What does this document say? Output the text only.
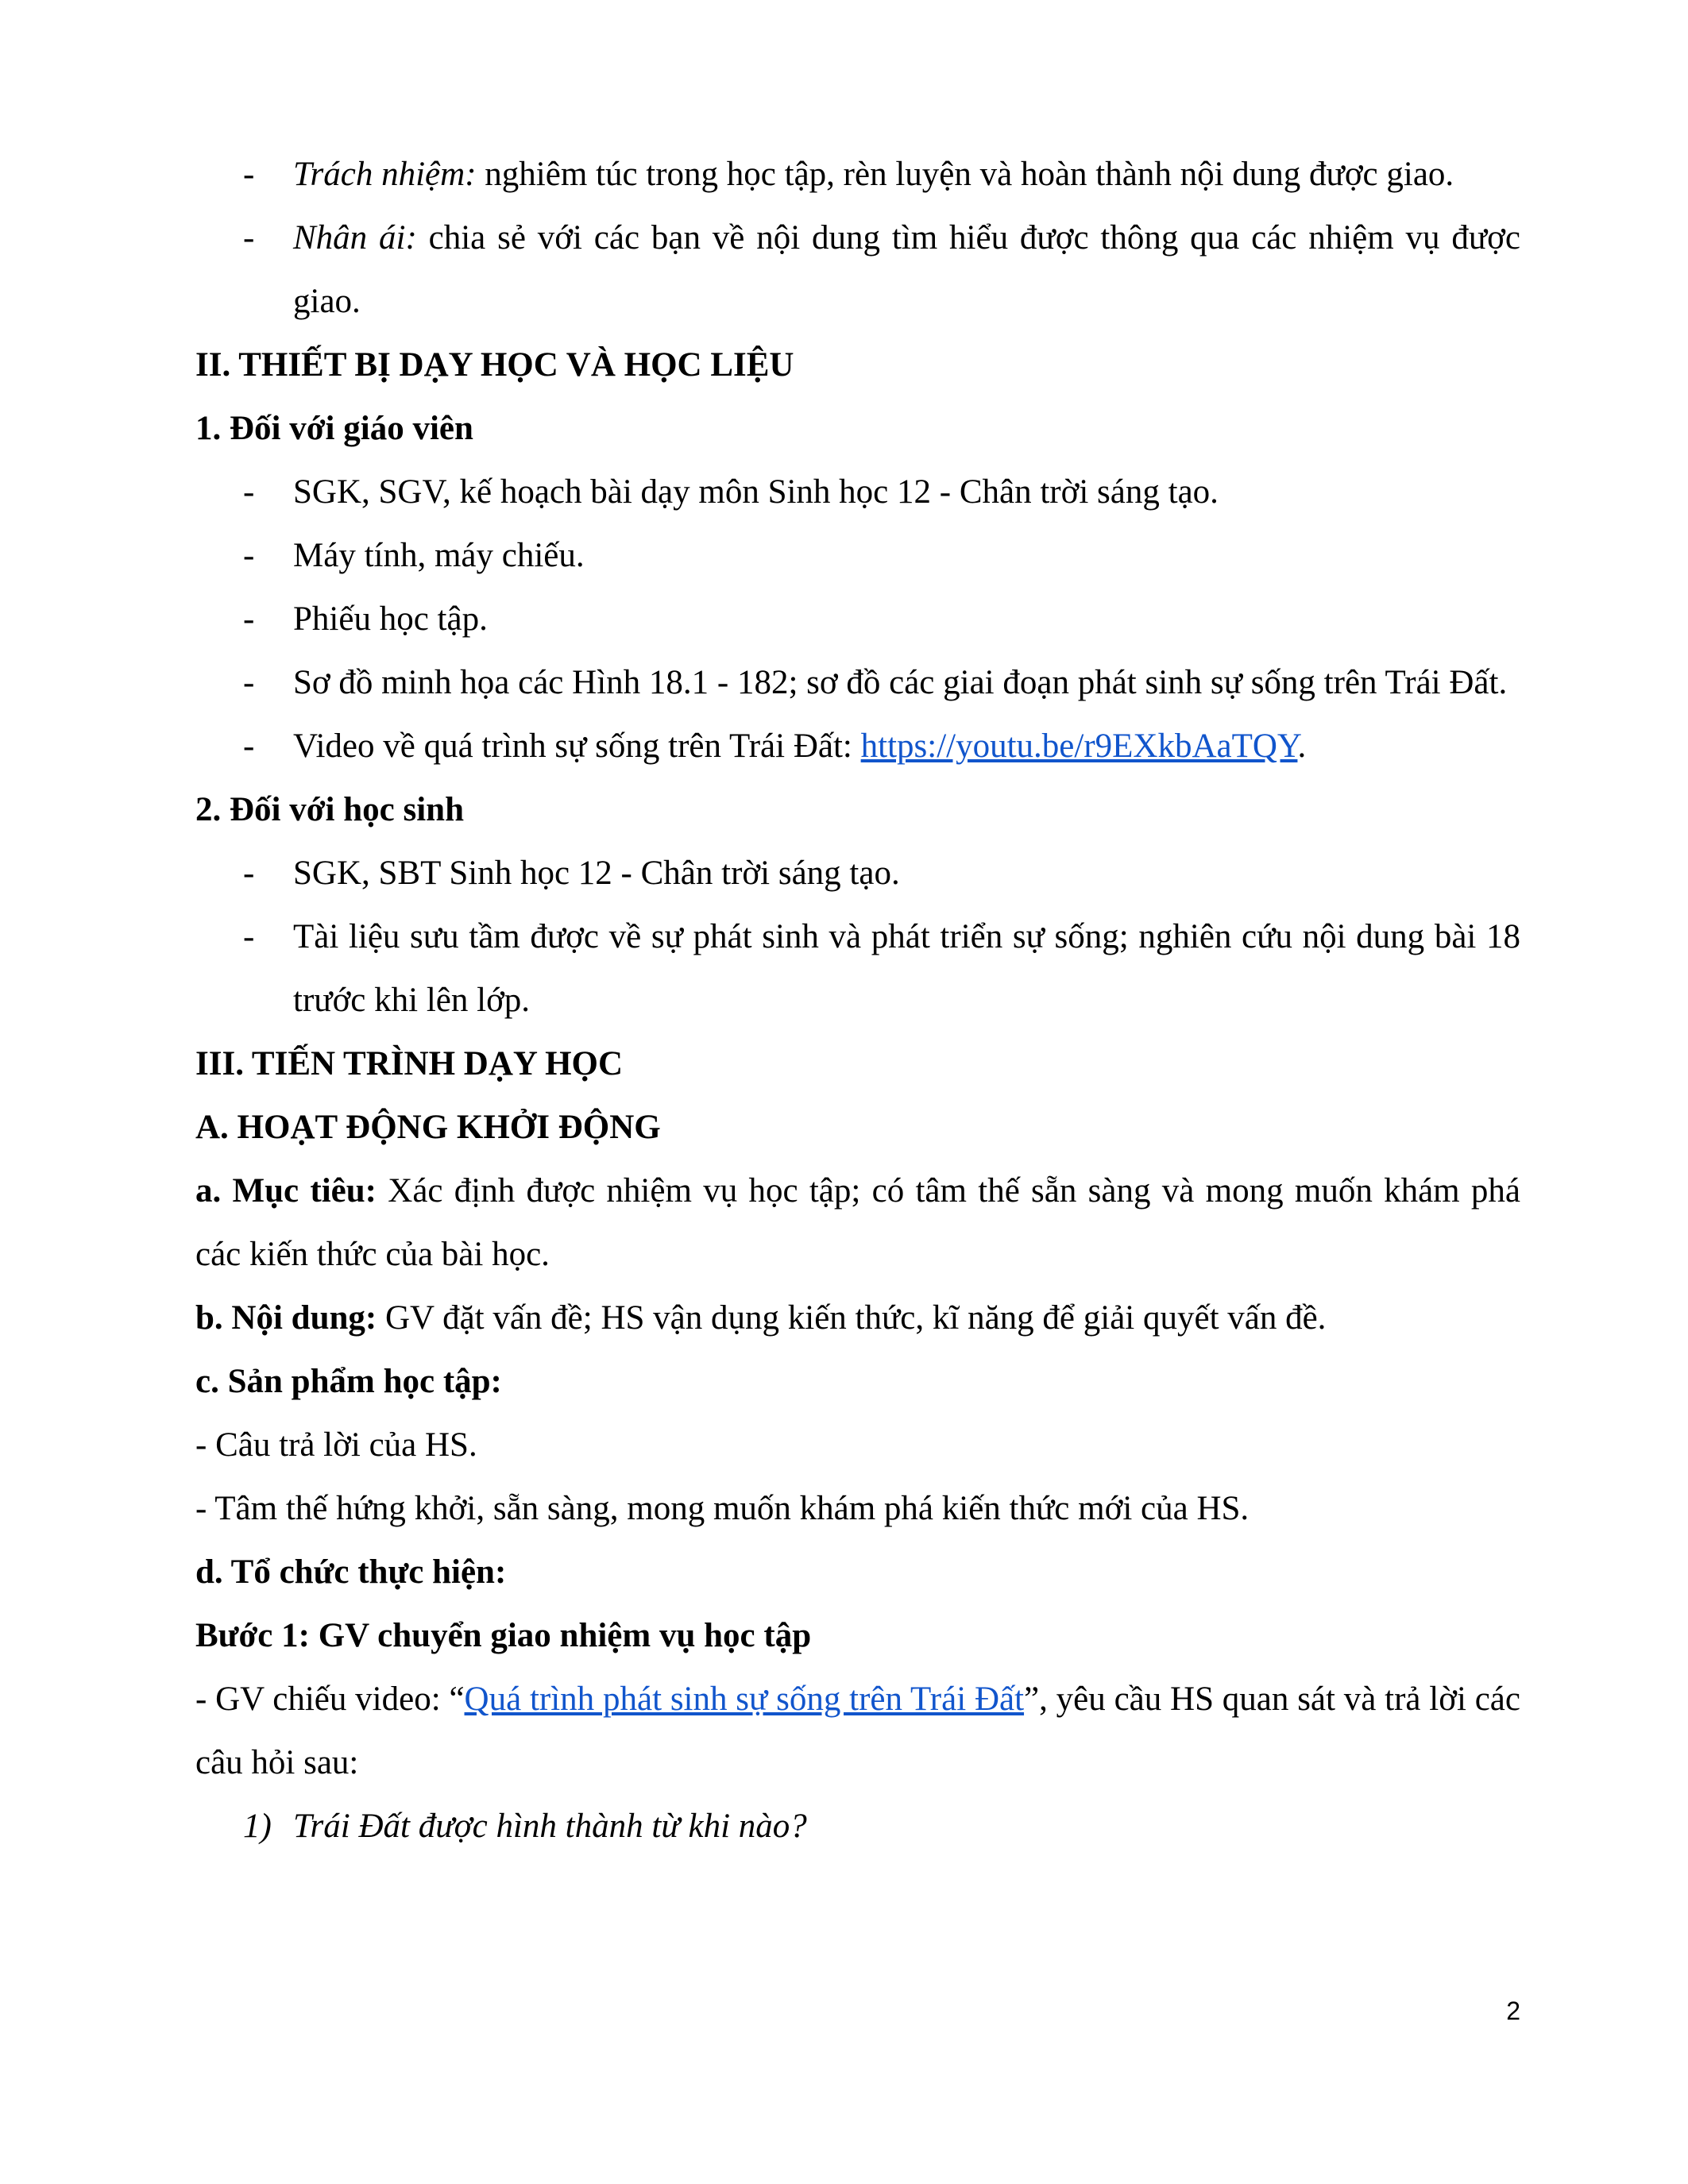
- Trách nhiệm: nghiêm túc trong học tập, rèn luyện và hoàn thành nội dung được giao.

- Nhân ái: chia sẻ với các bạn về nội dung tìm hiểu được thông qua các nhiệm vụ được giao.

II. THIẾT BỊ DẠY HỌC VÀ HỌC LIỆU

1. Đối với giáo viên

- SGK, SGV, kế hoạch bài dạy môn Sinh học 12 - Chân trời sáng tạo.

- Máy tính, máy chiếu.

- Phiếu học tập.

- Sơ đồ minh họa các Hình 18.1 - 182; sơ đồ các giai đoạn phát sinh sự sống trên Trái Đất.

- Video về quá trình sự sống trên Trái Đất: https://youtu.be/r9EXkbAaTQY.

2. Đối với học sinh

- SGK, SBT Sinh học 12 - Chân trời sáng tạo.

- Tài liệu sưu tầm được về sự phát sinh và phát triển sự sống; nghiên cứu nội dung bài 18 trước khi lên lớp.

III. TIẾN TRÌNH DẠY HỌC

A. HOẠT ĐỘNG KHỞI ĐỘNG

a. Mục tiêu: Xác định được nhiệm vụ học tập; có tâm thế sẵn sàng và mong muốn khám phá các kiến thức của bài học.

b. Nội dung: GV đặt vấn đề; HS vận dụng kiến thức, kĩ năng để giải quyết vấn đề.

c. Sản phẩm học tập:

- Câu trả lời của HS.

- Tâm thế hứng khởi, sẵn sàng, mong muốn khám phá kiến thức mới của HS.

d. Tổ chức thực hiện:

Bước 1: GV chuyển giao nhiệm vụ học tập

- GV chiếu video: “Quá trình phát sinh sự sống trên Trái Đất”, yêu cầu HS quan sát và trả lời các câu hỏi sau:

1) Trái Đất được hình thành từ khi nào?

2
